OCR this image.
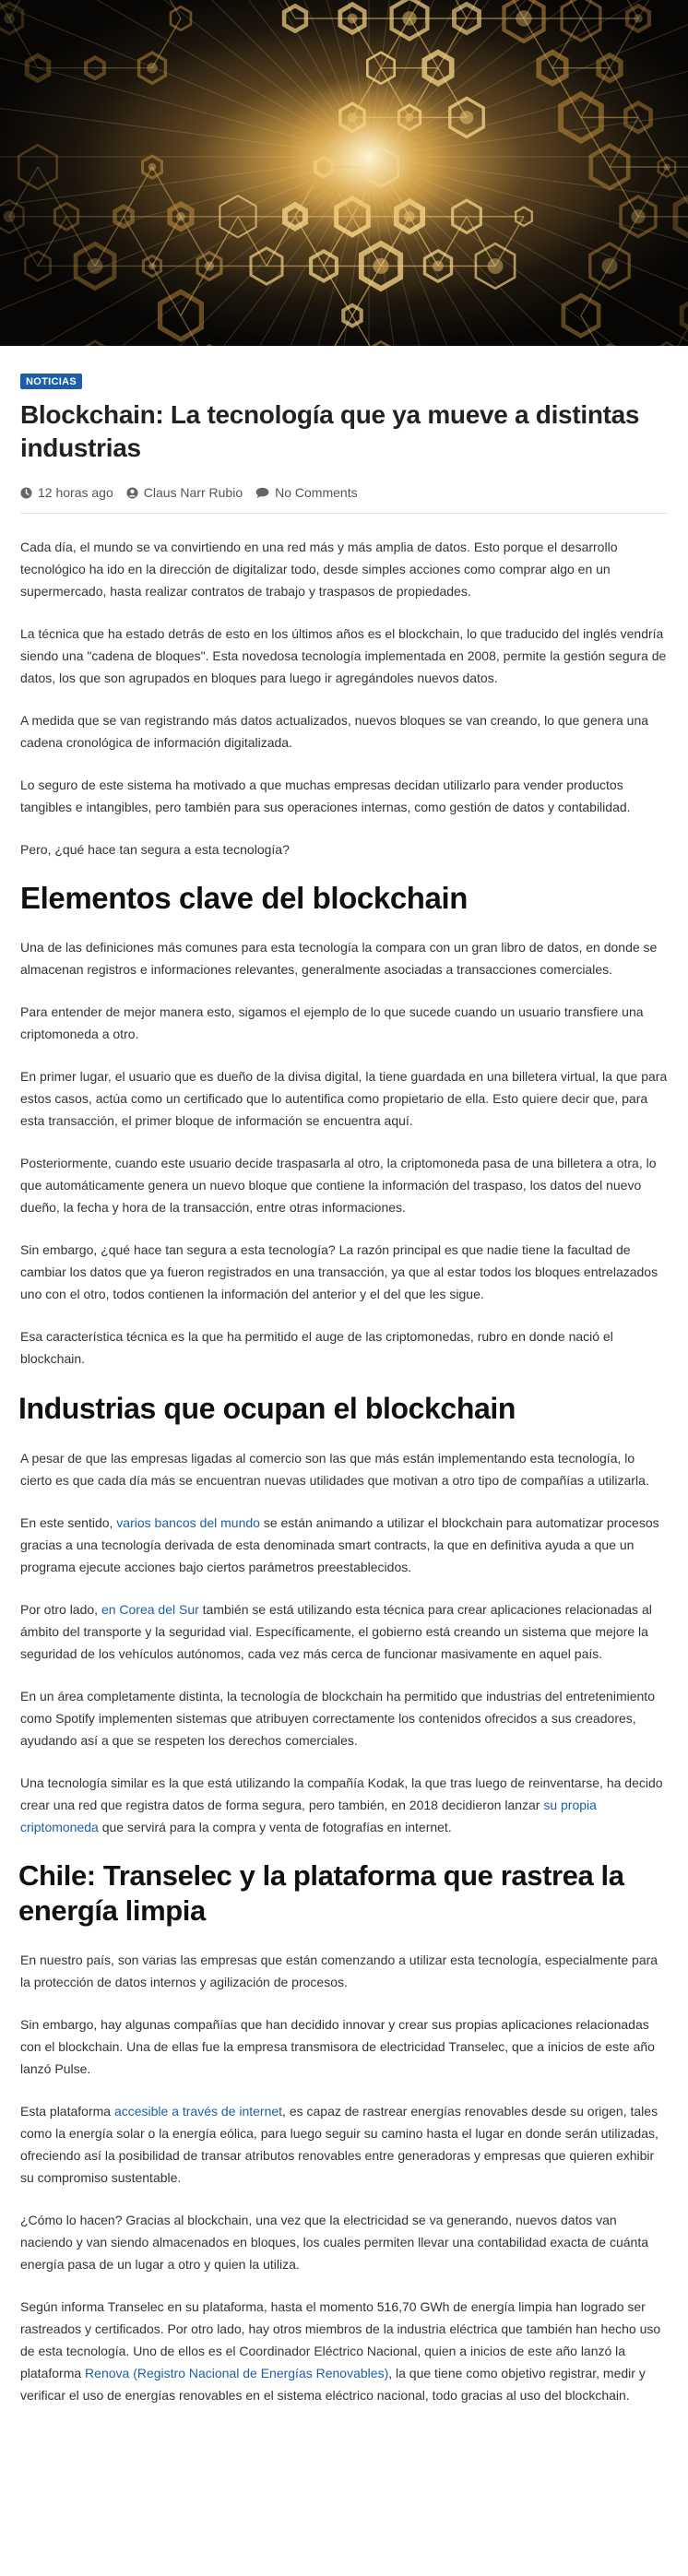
NOTICIAS
Blockchain: La tecnología que ya mueve a distintas industrias
12 horas ago Claus Narr Rubio	No Comments

Cada día, el mundo se va convirtiendo en una red más y más amplia de datos. Esto porque el desarrollo tecnológico ha ido en la dirección de digitalizar todo, desde simples acciones como comprar algo en un supermercado, hasta realizar contratos de trabajo y traspasos de propiedades.

La técnica que ha estado detrás de esto en los últimos años es el blockchain, lo que traducido del inglés vendría siendo una "cadena de bloques". Esta novedosa tecnología implementada en 2008, permite la gestión segura de datos, los que son agrupados en bloques para luego ir agregándoles nuevos datos.

A medida que se van registrando más datos actualizados, nuevos bloques se van creando, lo que genera una cadena cronológica de información digitalizada.

Lo seguro de este sistema ha motivado a que muchas empresas decidan utilizarlo para vender productos tangibles e intangibles, pero también para sus operaciones internas, como gestión de datos y contabilidad.

Pero, ¿qué hace tan segura a esta tecnología?

Elementos clave del blockchain

Una de las definiciones más comunes para esta tecnología la compara con un gran libro de datos, en donde se almacenan registros e informaciones relevantes, generalmente asociadas a transacciones comerciales.

Para entender de mejor manera esto, sigamos el ejemplo de lo que sucede cuando un usuario transfiere una criptomoneda a otro.

En primer lugar, el usuario que es dueño de la divisa digital, la tiene guardada en una billetera virtual, la que para estos casos, actúa como un certificado que lo autentifica como propietario de ella. Esto quiere decir que, para esta transacción, el primer bloque de información se encuentra aquí.

Posteriormente, cuando este usuario decide traspasarla al otro, la criptomoneda pasa de una billetera a otra, lo que automáticamente genera un nuevo bloque que contiene la información del traspaso, los datos del nuevo dueño, la fecha y hora de la transacción, entre otras informaciones.

Sin embargo, ¿qué hace tan segura a esta tecnología? La razón principal es que nadie tiene la facultad de cambiar los datos que ya fueron registrados en una transacción, ya que al estar todos los bloques entrelazados uno con el otro, todos contienen la información del anterior y el del que les sigue.

Esa característica técnica es la que ha permitido el auge de las criptomonedas, rubro en donde nació el blockchain.

Industrias que ocupan el blockchain

A pesar de que las empresas ligadas al comercio son las que más están implementando esta tecnología, lo cierto es que cada día más se encuentran nuevas utilidades que motivan a otro tipo de compañías a utilizarla.

En este sentido, varios bancos del mundo se están animando a utilizar el blockchain para automatizar procesos gracias a una tecnología derivada de esta denominada smart contracts, la que en definitiva ayuda a que un programa ejecute acciones bajo ciertos parámetros preestablecidos.

Por otro lado, en Corea del Sur también se está utilizando esta técnica para crear aplicaciones relacionadas al ámbito del transporte y la seguridad vial. Específicamente, el gobierno está creando un sistema que mejore la seguridad de los vehículos autónomos, cada vez más cerca de funcionar masivamente en aquel país.

En un área completamente distinta, la tecnología de blockchain ha permitido que industrias del entretenimiento como Spotify implementen sistemas que atribuyen correctamente los contenidos ofrecidos a sus creadores, ayudando así a que se respeten los derechos comerciales.

Una tecnología similar es la que está utilizando la compañía Kodak, la que tras luego de reinventarse, ha decido crear una red que registra datos de forma segura, pero también, en 2018 decidieron lanzar su propia criptomoneda que servirá para la compra y venta de fotografías en internet.

Chile: Transelec y la plataforma que rastrea la energía limpia

En nuestro país, son varias las empresas que están comenzando a utilizar esta tecnología, especialmente para la protección de datos internos y agilización de procesos.

Sin embargo, hay algunas compañías que han decidido innovar y crear sus propias aplicaciones relacionadas con el blockchain. Una de ellas fue la empresa transmisora de electricidad Transelec, que a inicios de este año lanzó Pulse.

Esta plataforma accesible a través de internet, es capaz de rastrear energías renovables desde su origen, tales como la energía solar o la energía eólica, para luego seguir su camino hasta el lugar en donde serán utilizadas, ofreciendo así la posibilidad de transar atributos renovables entre generadoras y empresas que quieren exhibir su compromiso sustentable.

¿Cómo lo hacen? Gracias al blockchain, una vez que la electricidad se va generando, nuevos datos van naciendo y van siendo almacenados en bloques, los cuales permiten llevar una contabilidad exacta de cuánta energía pasa de un lugar a otro y quien la utiliza.

Según informa Transelec en su plataforma, hasta el momento 516,70 GWh de energía limpia han logrado ser rastreados y certificados. Por otro lado, hay otros miembros de la industria eléctrica que también han hecho uso de esta tecnología. Uno de ellos es el Coordinador Eléctrico Nacional, quien a inicios de este año lanzó la plataforma Renova (Registro Nacional de Energías Renovables), la que tiene como objetivo registrar, medir y verificar el uso de energías renovables en el sistema eléctrico nacional, todo gracias al uso del blockchain.
